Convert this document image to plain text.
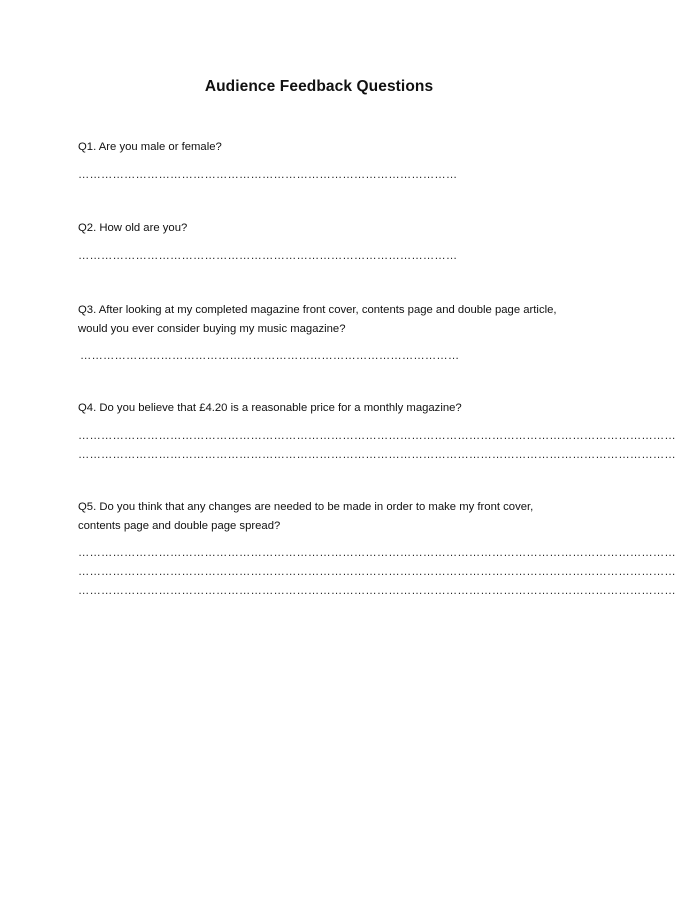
Audience Feedback Questions
Q1. Are you male or female?
………………………………………………………………………………………
Q2. How old are you?
………………………………………………………………………………………
Q3. After looking at my completed magazine front cover, contents page and double page article, would you ever consider buying my music magazine?
………………………………………………………………………………………
Q4. Do you believe that £4.20 is a reasonable price for a monthly magazine?
…………………………………………………………………………………………………………………………………………
…………………………………………………………………………………………………………………………………………
Q5. Do you think that any changes are needed to be made in order to make my front cover, contents page and double page spread?
…………………………………………………………………………………………………………………………………………
…………………………………………………………………………………………………………………………………………
…………………………………………………………………………………………………………………………………………
